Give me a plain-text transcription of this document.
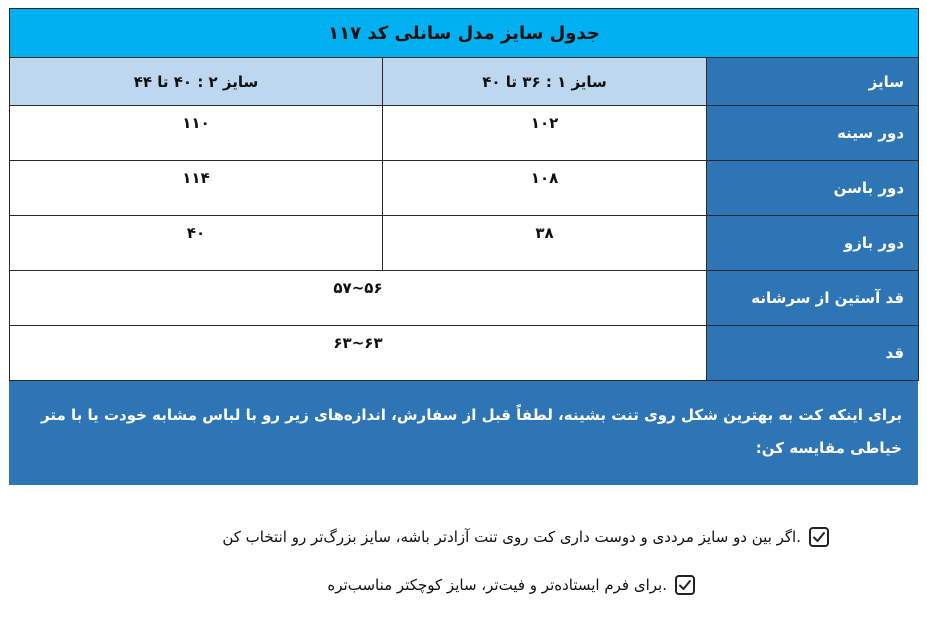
جدول سایز مدل سانلی کد ۱۱۷		
سایز	سایز ۱ : ۳۶ تا ۴۰	سایز ۲ : ۴۰ تا ۴۴
دور سینه	۱۰۲	۱۱۰
دور باسن	۱۰۸	۱۱۴
دور بازو	۳۸	۴۰
قد آستین از سرشانه	۵۶~۵۷	
قد	۶۳~۶۳	
برای اینکه کت به بهترین شکل روی تنت بشینه، لطفاً قبل از سفارش، اندازه‌های زیر رو با لباس مشابه خودت یا با متر
خیاطی مقایسه کن:
.اگر بین دو سایز مرددی و دوست داری کت روی تنت آزادتر باشه، سایز بزرگ‌تر رو انتخاب کن
.برای فرم ایستاده‌تر و فیت‌تر، سایز کوچکتر مناسب‌تره
